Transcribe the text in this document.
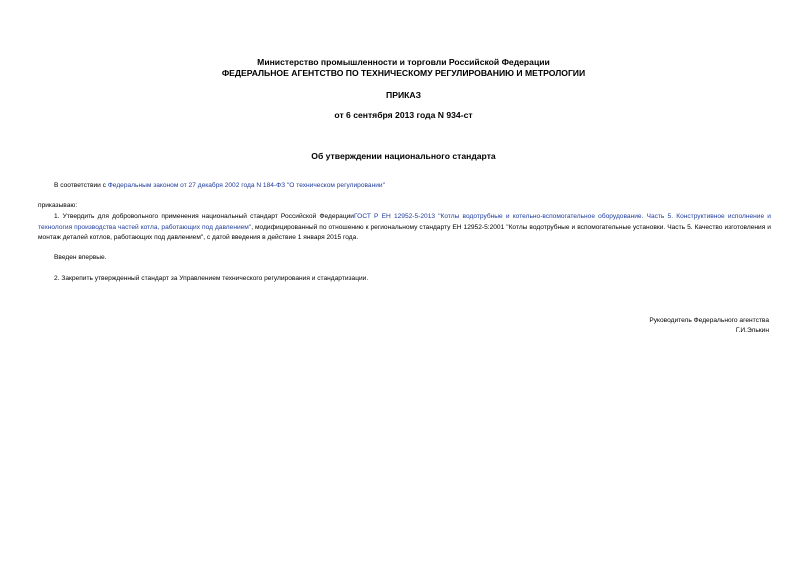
Министерство промышленности и торговли Российской Федерации
ФЕДЕРАЛЬНОЕ АГЕНТСТВО ПО ТЕХНИЧЕСКОМУ РЕГУЛИРОВАНИЮ И МЕТРОЛОГИИ
ПРИКАЗ
от 6 сентября 2013 года N 934-ст
Об утверждении национального стандарта
В соответствии с Федеральным законом от 27 декабря 2002 года N 184-ФЗ "О техническом регулировании"
приказываю:
1. Утвердить для добровольного применения национальный стандарт Российской ФедерацииГОСТ Р ЕН 12952-5-2013 "Котлы водотрубные и котельно-вспомогательное оборудование. Часть 5. Конструктивное исполнение и технология производства частей котла, работающих под давлением", модифицированный по отношению к региональному стандарту ЕН 12952-5:2001 "Котлы водотрубные и вспомогательные установки. Часть 5. Качество изготовления и монтаж деталей котлов, работающих под давлением", с датой введения в действие 1 января 2015 года.
Введен впервые.
2. Закрепить утвержденный стандарт за Управлением технического регулирования и стандартизации.
Руководитель Федерального агентства
Г.И.Элькин
